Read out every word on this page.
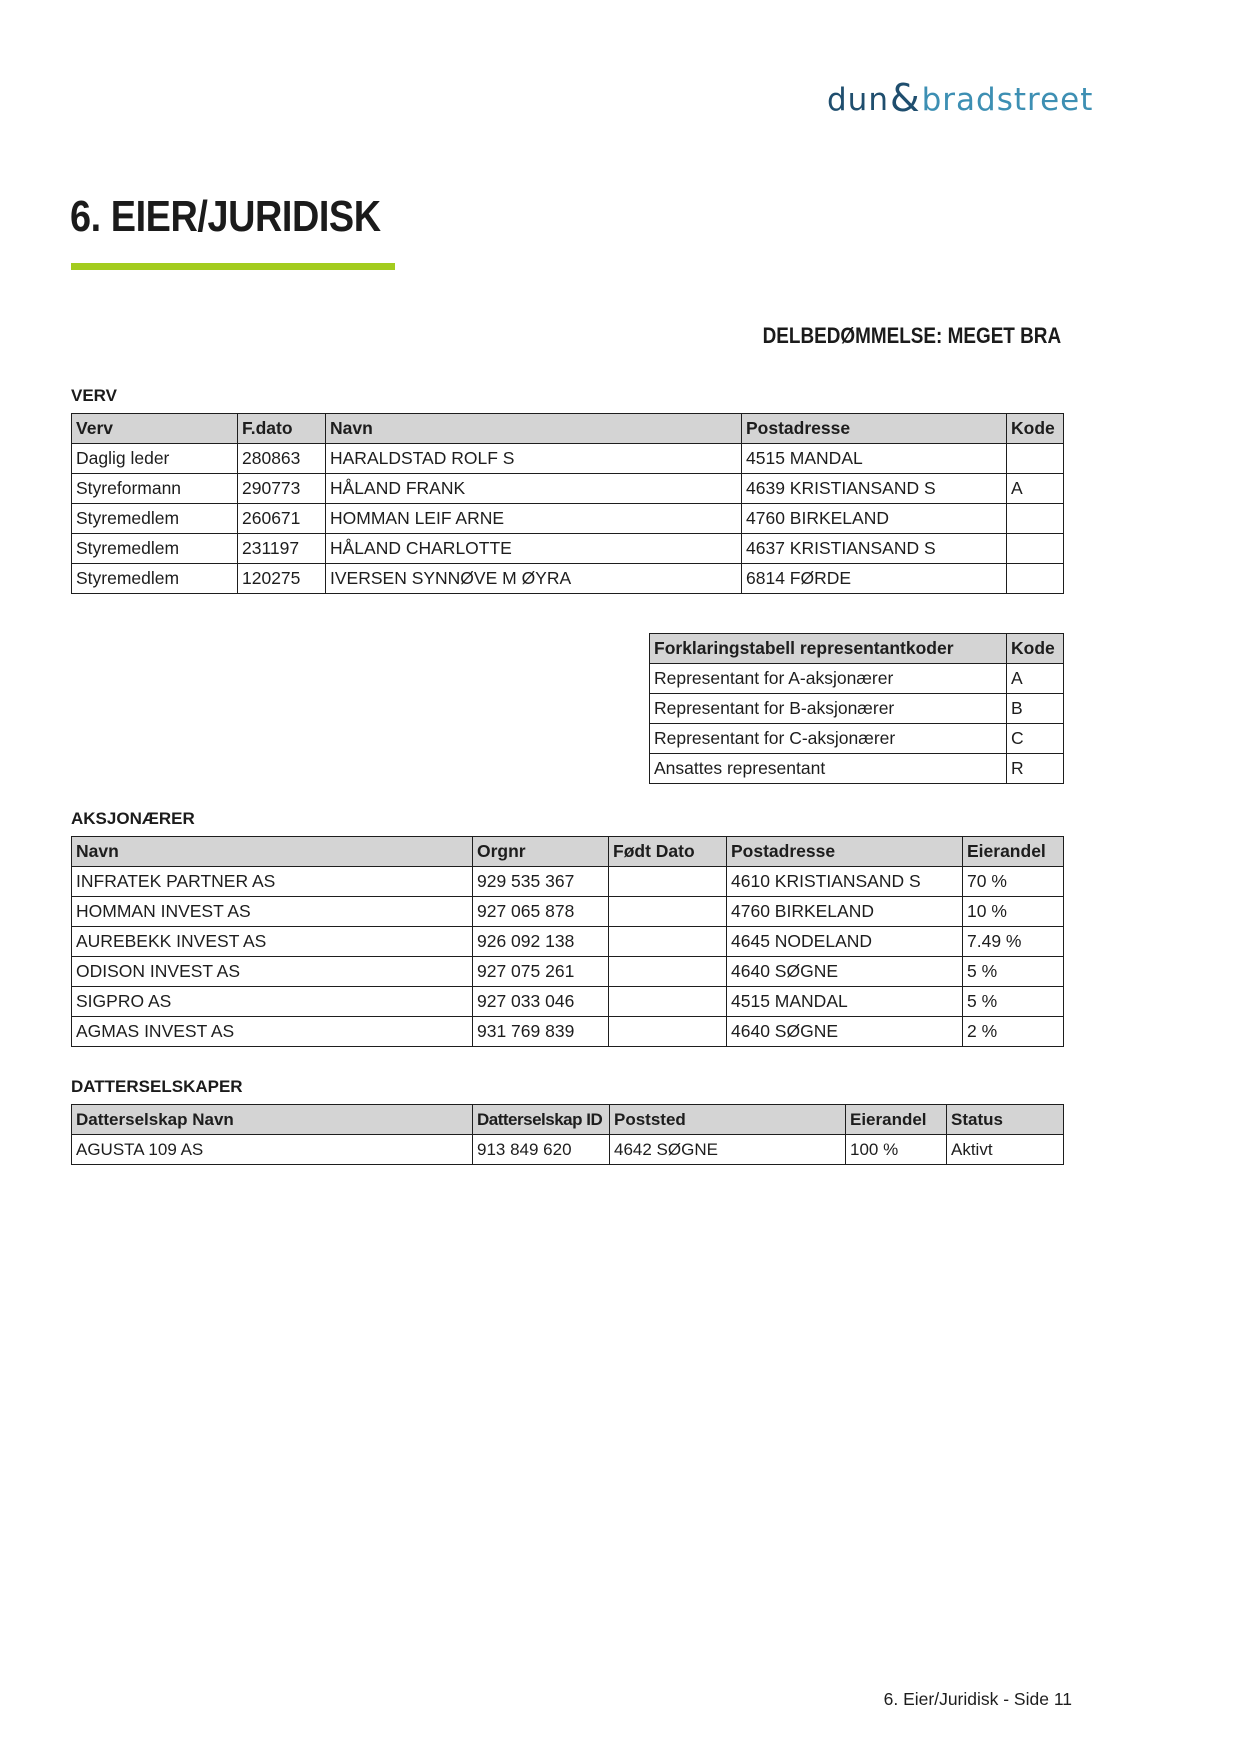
dun & bradstreet
6. EIER/JURIDISK
DELBEDØMMELSE: MEGET BRA
VERV
Verv	F.dato	Navn	Postadresse	Kode
Daglig leder	280863	HARALDSTAD ROLF S	4515 MANDAL	
Styreformann	290773	HÅLAND FRANK	4639 KRISTIANSAND S	A
Styremedlem	260671	HOMMAN LEIF ARNE	4760 BIRKELAND	
Styremedlem	231197	HÅLAND CHARLOTTE	4637 KRISTIANSAND S	
Styremedlem	120275	IVERSEN SYNNØVE M ØYRA	6814 FØRDE	
Forklaringstabell representantkoder	Kode
Representant for A-aksjonærer	A
Representant for B-aksjonærer	B
Representant for C-aksjonærer	C
Ansattes representant	R
AKSJONÆRER
Navn	Orgnr	Født Dato	Postadresse	Eierandel
INFRATEK PARTNER AS	929 535 367		4610 KRISTIANSAND S	70 %
HOMMAN INVEST AS	927 065 878		4760 BIRKELAND	10 %
AUREBEKK INVEST AS	926 092 138		4645 NODELAND	7.49 %
ODISON INVEST AS	927 075 261		4640 SØGNE	5 %
SIGPRO AS	927 033 046		4515 MANDAL	5 %
AGMAS INVEST AS	931 769 839		4640 SØGNE	2 %
DATTERSELSKAPER
Datterselskap Navn	Datterselskap ID	Poststed	Eierandel	Status
AGUSTA 109 AS	913 849 620	4642 SØGNE	100 %	Aktivt
6. Eier/Juridisk - Side 11
